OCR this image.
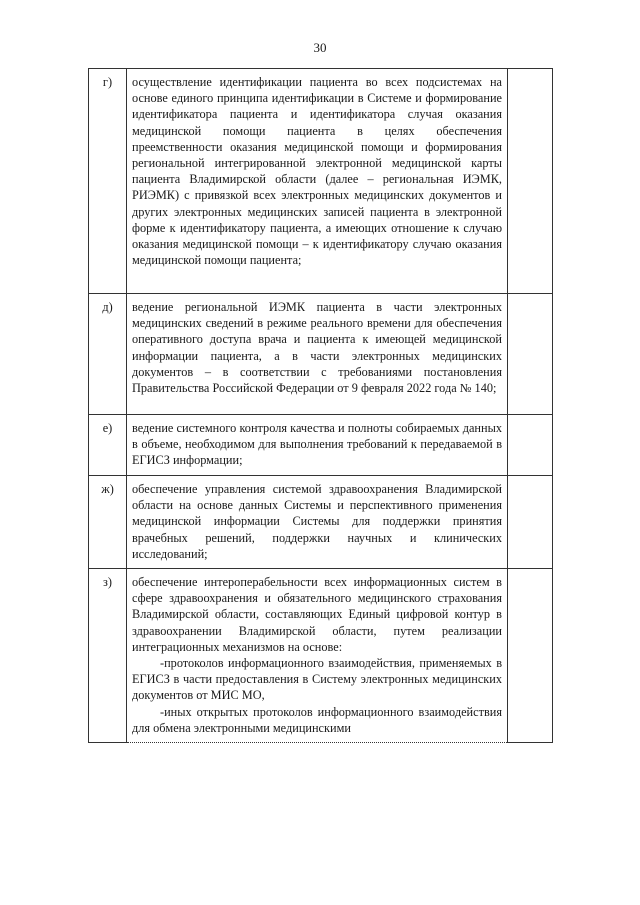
30
г)	осуществление идентификации пациента во всех подсистемах на основе единого принципа идентификации в Системе и формирование идентификатора пациента и идентификатора случая оказания медицинской помощи пациента в целях обеспечения преемственности оказания медицинской помощи и формирования региональной интегрированной электронной медицинской карты пациента Владимирской области (далее – региональная ИЭМК, РИЭМК) с привязкой всех электронных медицинских документов и других электронных медицинских записей пациента в электронной форме к идентификатору пациента, а имеющих отношение к случаю оказания медицинской помощи – к идентификатору случаю оказания медицинской помощи пациента;	

д)	ведение региональной ИЭМК пациента в части электронных медицинских сведений в режиме реального времени для обеспечения оперативного доступа врача и пациента к имеющей медицинской информации пациента, а в части электронных медицинских документов – в соответствии с требованиями постановления Правительства Российской Федерации от 9 февраля 2022 года № 140;	

е)	ведение системного контроля качества и полноты собираемых данных в объеме, необходимом для выполнения требований к передаваемой в ЕГИСЗ информации;	

ж)	обеспечение управления системой здравоохранения Владимирской области на основе данных Системы и перспективного применения медицинской информации Системы для поддержки принятия врачебных решений, поддержки научных и клинических исследований;	

з)	обеспечение интероперабельности всех информационных систем в сфере здравоохранения и обязательного медицинского страхования Владимирской области, составляющих Единый цифровой контур в здравоохранении Владимирской области, путем реализации интеграционных механизмов на основе:

-протоколов информационного взаимодействия, применяемых в ЕГИСЗ в части предоставления в Систему электронных медицинских документов от МИС МО,

-иных открытых протоколов информационного взаимодействия для обмена электронными медицинскими	
